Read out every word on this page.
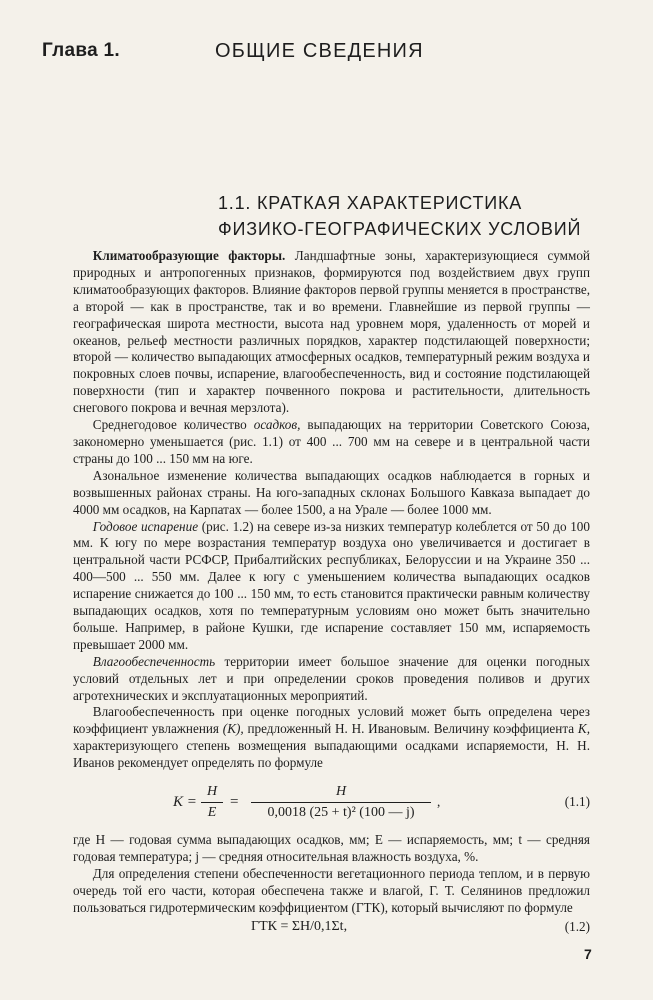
Глава 1.	ОБЩИЕ СВЕДЕНИЯ
1.1. КРАТКАЯ ХАРАКТЕРИСТИКА
ФИЗИКО-ГЕОГРАФИЧЕСКИХ УСЛОВИЙ

Климатообразующие факторы. Ландшафтные зоны, характеризующиеся суммой природных и антропогенных признаков, формируются под воздействием двух групп климатообразующих факторов. Влияние факторов первой группы меняется в пространстве, а второй — как в пространстве, так и во времени. Главнейшие из первой группы — географическая широта местности, высота над уровнем моря, удаленность от морей и океанов, рельеф местности различных порядков, характер подстилающей поверхности; второй — количество выпадающих атмосферных осадков, температурный режим воздуха и покровных слоев почвы, испарение, влагообеспеченность, вид и состояние подстилающей поверхности (тип и характер почвенного покрова и растительности, длительность снегового покрова и вечная мерзлота).

Среднегодовое количество осадков, выпадающих на территории Советского Союза, закономерно уменьшается (рис. 1.1) от 400 ... 700 мм на севере и в центральной части страны до 100 ... 150 мм на юге.

Азональное изменение количества выпадающих осадков наблюдается в горных и возвышенных районах страны. На юго-западных склонах Большого Кавказа выпадает до 4000 мм осадков, на Карпатах — более 1500, а на Урале — более 1000 мм.

Годовое испарение (рис. 1.2) на севере из-за низких температур колеблется от 50 до 100 мм. К югу по мере возрастания температур воздуха оно увеличивается и достигает в центральной части РСФСР, Прибалтийских республиках, Белоруссии и на Украине 350 ... 400—500 ... 550 мм. Далее к югу с уменьшением количества выпадающих осадков испарение снижается до 100 ... 150 мм, то есть становится практически равным количеству выпадающих осадков, хотя по температурным условиям оно может быть значительно больше. Например, в районе Кушки, где испарение составляет 150 мм, испаряемость превышает 2000 мм.

Влагообеспеченность территории имеет большое значение для оценки погодных условий отдельных лет и при определении сроков проведения поливов и других агротехнических и эксплуатационных мероприятий.

Влагообеспеченность при оценке погодных условий может быть определена через коэффициент увлажнения (K), предложенный Н. Н. Ивановым. Величину коэффициента K, характеризующего степень возмещения выпадающими осадками испаряемости, Н. Н. Иванов рекомендует определять по формуле

$K = \frac{H}{E} = \frac{H}{\text{0,0018 (25 + t)² (100 — j)}}$ ,	(1.1)

где H — годовая сумма выпадающих осадков, мм; E — испаряемость, мм; t — средняя годовая температура; j — средняя относительная влажность воздуха, %.

Для определения степени обеспеченности вегетационного периода теплом, и в первую очередь той его части, которая обеспечена также и влагой, Г. Т. Селянинов предложил пользоваться гидротермическим коэффициентом (ГТК), который вычисляют по формуле

ГТК = ΣH/0,1Σt,	(1.2)
7
